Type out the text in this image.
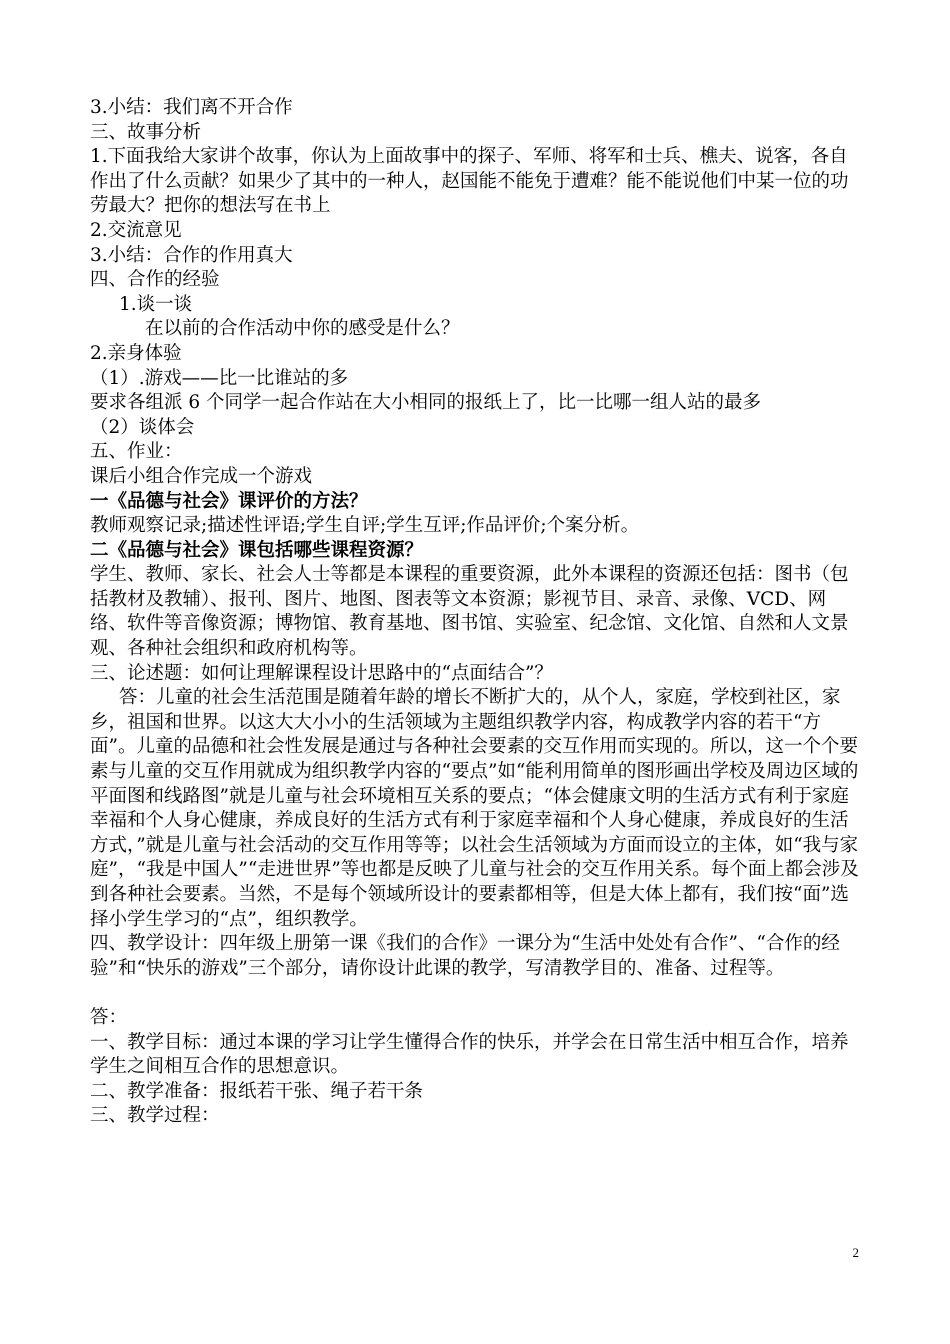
3.小结：我们离不开合作

三、故事分析

1.下面我给大家讲个故事，你认为上面故事中的探子、军师、将军和士兵、樵夫、说客，各自作出了什么贡献？如果少了其中的一种人，赵国能不能免于遭难？能不能说他们中某一位的功劳最大？把你的想法写在书上

2.交流意见

3.小结：合作的作用真大

四、合作的经验

1.谈一谈

在以前的合作活动中你的感受是什么？

2.亲身体验

（1）.游戏——比一比谁站的多

要求各组派 6 个同学一起合作站在大小相同的报纸上了，比一比哪一组人站的最多

（2）谈体会

五、作业：

课后小组合作完成一个游戏

一《品德与社会》课评价的方法？

教师观察记录;描述性评语;学生自评;学生互评;作品评价;个案分析。

二《品德与社会》课包括哪些课程资源？

学生、教师、家长、社会人士等都是本课程的重要资源，此外本课程的资源还包括：图书（包括教材及教辅）、报刊、图片、地图、图表等文本资源；影视节目、录音、录像、VCD、网络、软件等音像资源；博物馆、教育基地、图书馆、实验室、纪念馆、文化馆、自然和人文景观、各种社会组织和政府机构等。

三、论述题：如何让理解课程设计思路中的“点面结合”？

答：儿童的社会生活范围是随着年龄的增长不断扩大的，从个人，家庭，学校到社区，家乡，祖国和世界。以这大大小小的生活领域为主题组织教学内容，构成教学内容的若干“方面”。儿童的品德和社会性发展是通过与各种社会要素的交互作用而实现的。所以，这一个个要素与儿童的交互作用就成为组织教学内容的“要点”如“能利用简单的图形画出学校及周边区域的平面图和线路图”就是儿童与社会环境相互关系的要点；“体会健康文明的生活方式有利于家庭幸福和个人身心健康，养成良好的生活方式有利于家庭幸福和个人身心健康，养成良好的生活方式，”就是儿童与社会活动的交互作用等等；以社会生活领域为方面而设立的主体，如“我与家庭”，“我是中国人”“走进世界”等也都是反映了儿童与社会的交互作用关系。每个面上都会涉及到各种社会要素。当然，不是每个领域所设计的要素都相等，但是大体上都有，我们按“面”选择小学生学习的“点”，组织教学。

四、教学设计：四年级上册第一课《我们的合作》一课分为“生活中处处有合作”、“合作的经验”和“快乐的游戏”三个部分，请你设计此课的教学，写清教学目的、准备、过程等。

答：

一、教学目标：通过本课的学习让学生懂得合作的快乐，并学会在日常生活中相互合作，培养学生之间相互合作的思想意识。

二、教学准备：报纸若干张、绳子若干条

三、教学过程：

2
